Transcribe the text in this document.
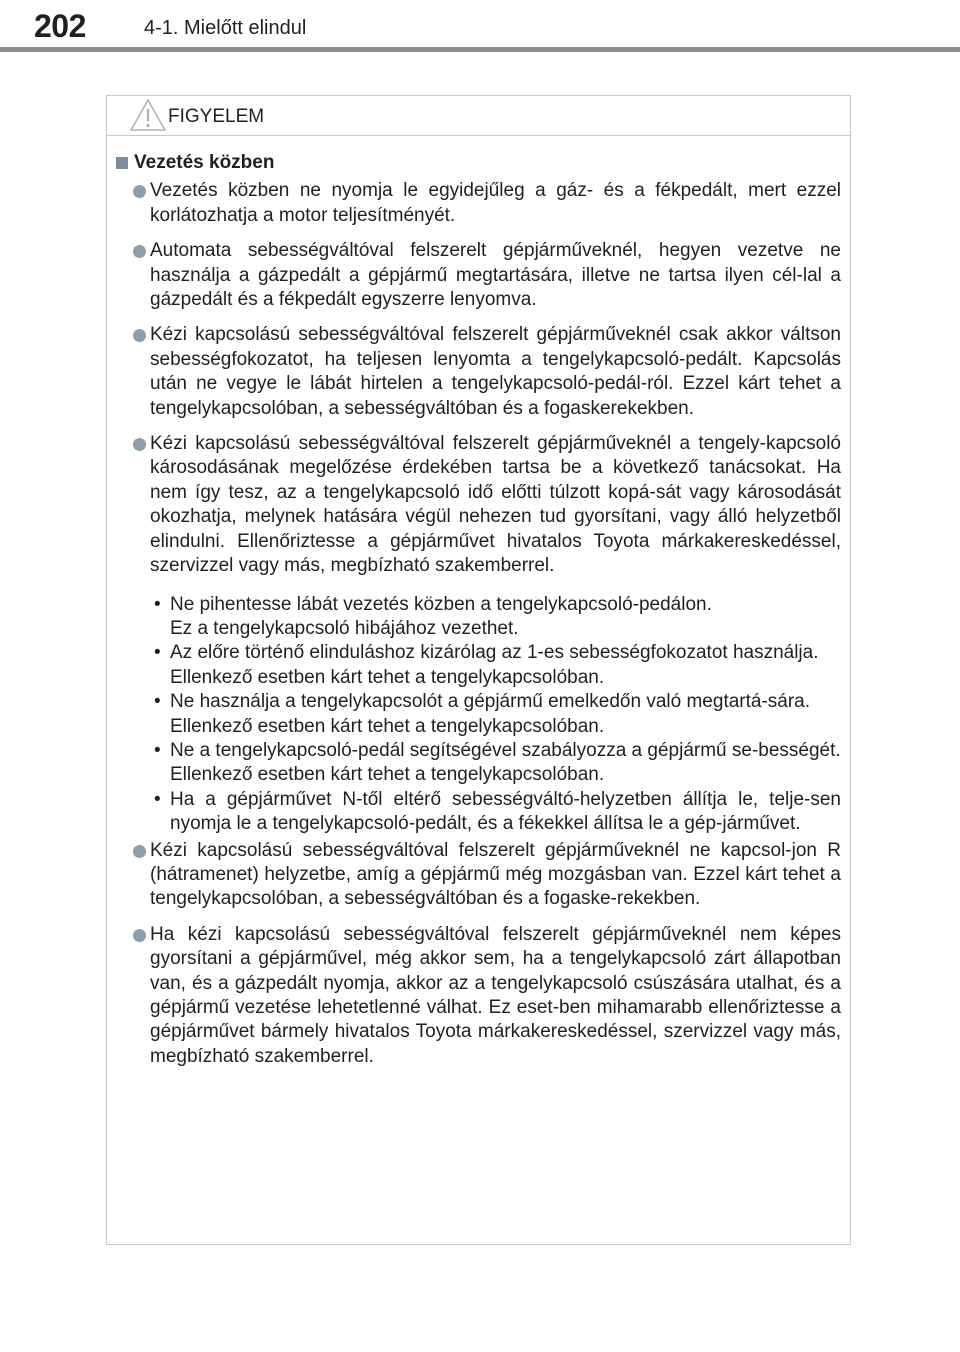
202	4-1. Mielőtt elindul
FIGYELEM
Vezetés közben
Vezetés közben ne nyomja le egyidejűleg a gáz- és a fékpedált, mert ezzel korlátozhatja a motor teljesítményét.
Automata sebességváltóval felszerelt gépjárműveknél, hegyen vezetve ne használja a gázpedált a gépjármű megtartására, illetve ne tartsa ilyen cél-lal a gázpedált és a fékpedált egyszerre lenyomva.
Kézi kapcsolású sebességváltóval felszerelt gépjárműveknél csak akkor váltson sebességfokozatot, ha teljesen lenyomta a tengelykapcsoló-pedált. Kapcsolás után ne vegye le lábát hirtelen a tengelykapcsoló-pedál-ról. Ezzel kárt tehet a tengelykapcsolóban, a sebességváltóban és a fogaskerekekben.
Kézi kapcsolású sebességváltóval felszerelt gépjárműveknél a tengely-kapcsoló károsodásának megelőzése érdekében tartsa be a következő tanácsokat. Ha nem így tesz, az a tengelykapcsoló idő előtti túlzott kopá-sát vagy károsodását okozhatja, melynek hatására végül nehezen tud gyorsítani, vagy álló helyzetből elindulni. Ellenőriztesse a gépjárművet hivatalos Toyota márkakereskedéssel, szervizzel vagy más, megbízható szakemberrel.
• Ne pihentesse lábát vezetés közben a tengelykapcsoló-pedálon.

Ez a tengelykapcsoló hibájához vezethet.

• Az előre történő elinduláshoz kizárólag az 1-es sebességfokozatot használja.

Ellenkező esetben kárt tehet a tengelykapcsolóban.

• Ne használja a tengelykapcsolót a gépjármű emelkedőn való megtartá-sára.

Ellenkező esetben kárt tehet a tengelykapcsolóban.

• Ne a tengelykapcsoló-pedál segítségével szabályozza a gépjármű se-bességét.

Ellenkező esetben kárt tehet a tengelykapcsolóban.

• Ha a gépjárművet N-től eltérő sebességváltó-helyzetben állítja le, telje-sen nyomja le a tengelykapcsoló-pedált, és a fékekkel állítsa le a gép-járművet.

Kézi kapcsolású sebességváltóval felszerelt gépjárműveknél ne kapcsol-jon R (hátramenet) helyzetbe, amíg a gépjármű még mozgásban van. Ezzel kárt tehet a tengelykapcsolóban, a sebességváltóban és a fogaske-rekekben.
Ha kézi kapcsolású sebességváltóval felszerelt gépjárműveknél nem képes gyorsítani a gépjárművel, még akkor sem, ha a tengelykapcsoló zárt állapotban van, és a gázpedált nyomja, akkor az a tengelykapcsoló csúszására utalhat, és a gépjármű vezetése lehetetlenné válhat. Ez eset-ben mihamarabb ellenőriztesse a gépjárművet bármely hivatalos Toyota márkakereskedéssel, szervizzel vagy más, megbízható szakemberrel.
